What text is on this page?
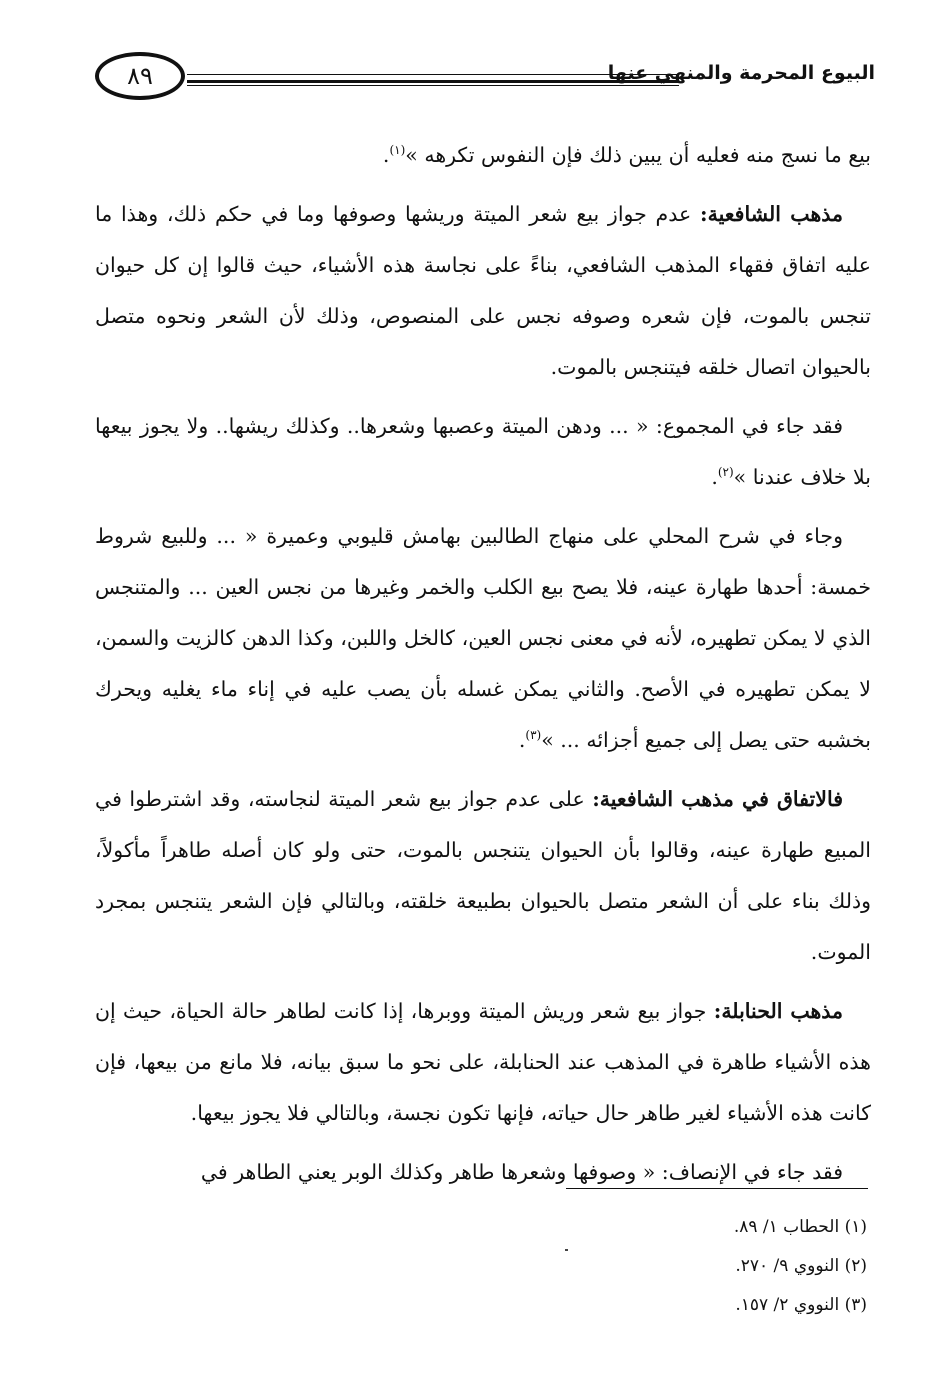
٨٩	البيوع المحرمة والمنهي عنها

بيع ما نسج منه فعليه أن يبين ذلك فإن النفوس تكرهه »$^{(١)}$.

مذهب الشافعية: عدم جواز بيع شعر الميتة وريشها وصوفها وما في حكم ذلك، وهذا ما عليه اتفاق فقهاء المذهب الشافعي، بناءً على نجاسة هذه الأشياء، حيث قالوا إن كل حيوان تنجس بالموت، فإن شعره وصوفه نجس على المنصوص، وذلك لأن الشعر ونحوه متصل بالحيوان اتصال خلقه فيتنجس بالموت.

فقد جاء في المجموع: « ... ودهن الميتة وعصبها وشعرها.. وكذلك ريشها.. ولا يجوز بيعها بلا خلاف عندنا »$^{(٢)}$.

وجاء في شرح المحلي على منهاج الطالبين بهامش قليوبي وعميرة « ... وللبيع شروط خمسة: أحدها طهارة عينه، فلا يصح بيع الكلب والخمر وغيرها من نجس العين ... والمتنجس الذي لا يمكن تطهيره، لأنه في معنى نجس العين، كالخل واللبن، وكذا الدهن كالزيت والسمن، لا يمكن تطهيره في الأصح. والثاني يمكن غسله بأن يصب عليه في إناء ماء يغليه ويحرك بخشبه حتى يصل إلى جميع أجزائه ... »$^{(٣)}$.

فالاتفاق في مذهب الشافعية: على عدم جواز بيع شعر الميتة لنجاسته، وقد اشترطوا في المبيع طهارة عينه، وقالوا بأن الحيوان يتنجس بالموت، حتى ولو كان أصله طاهراً مأكولاً، وذلك بناء على أن الشعر متصل بالحيوان بطبيعة خلقته، وبالتالي فإن الشعر يتنجس بمجرد الموت.

مذهب الحنابلة: جواز بيع شعر وريش الميتة ووبرها، إذا كانت لطاهر حالة الحياة، حيث إن هذه الأشياء طاهرة في المذهب عند الحنابلة، على نحو ما سبق بيانه، فلا مانع من بيعها، فإن كانت هذه الأشياء لغير طاهر حال حياته، فإنها تكون نجسة، وبالتالي فلا يجوز بيعها.

فقد جاء في الإنصاف: « وصوفها وشعرها طاهر وكذلك الوبر يعني الطاهر في

(١) الحطاب ١/ ٨٩.
(٢) النووي ٩/ ٢٧٠.
(٣) النووي ٢/ ١٥٧.
